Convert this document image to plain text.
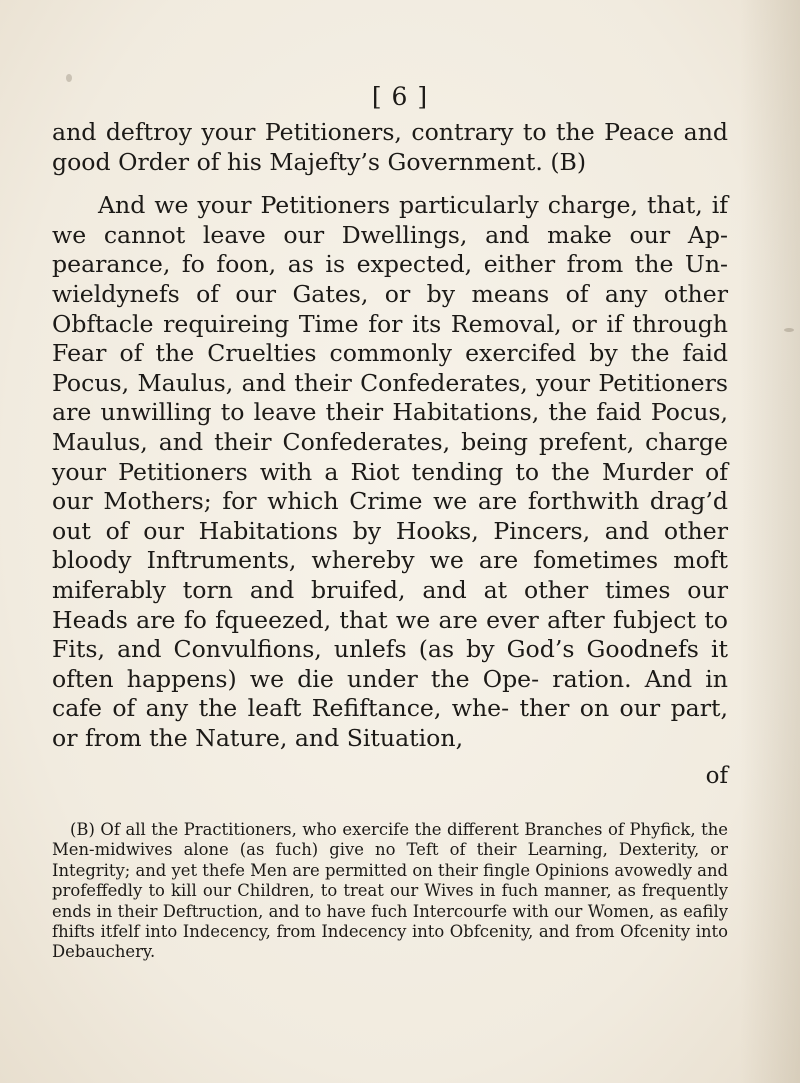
[ 6 ]

and deftroy your Petitioners, contrary to the Peace and good Order of his Majefty’s Government. (B)

And we your Petitioners particularly charge, that, if we cannot leave our Dwellings, and make our Ap- pearance, fo foon, as is expected, either from the Un- wieldynefs of our Gates, or by means of any other Obftacle requireing Time for its Removal, or if through Fear of the Cruelties commonly exercifed by the faid Pocus, Maulus, and their Confederates, your Petitioners are unwilling to leave their Habitations, the faid Pocus, Maulus, and their Confederates, being prefent, charge your Petitioners with a Riot tending to the Murder of our Mothers; for which Crime we are forthwith drag’d out of our Habitations by Hooks, Pincers, and other bloody Inftruments, whereby we are fometimes moft miferably torn and bruifed, and at other times our Heads are fo fqueezed, that we are ever after fubject to Fits, and Convulfions, unlefs (as by God’s Goodnefs it often happens) we die under the Ope- ration. And in cafe of any the leaft Refiftance, whe- ther on our part, or from the Nature, and Situation,

of
(B) Of all the Practitioners, who exercife the different Branches of Phyfick, the Men-midwives alone (as fuch) give no Teft of their Learning, Dexterity, or Integrity; and yet thefe Men are permitted on their fingle Opinions avowedly and profeffedly to kill our Children, to treat our Wives in fuch manner, as frequently ends in their Deftruction, and to have fuch Intercourfe with our Women, as eafily fhifts itfelf into Indecency, from Indecency into Obfcenity, and from Ofcenity into Debauchery.
